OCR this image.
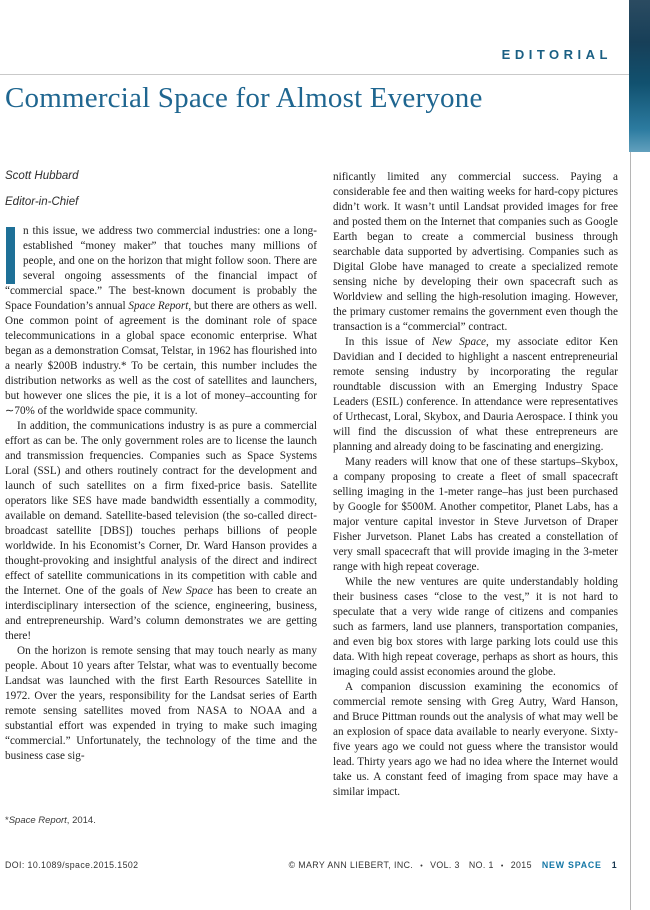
EDITORIAL
Commercial Space for Almost Everyone
Scott Hubbard
Editor-in-Chief

n this issue, we address two commercial industries: one a long-established “money maker” that touches many millions of people, and one on the horizon that might follow soon. There are several ongoing assessments of the financial impact of “commercial space.” The best-known document is probably the Space Foundation’s annual Space Report, but there are others as well. One common point of agreement is the dominant role of space telecommunications in a global space economic enterprise. What began as a demonstration Comsat, Telstar, in 1962 has flourished into a nearly $200B industry.* To be certain, this number includes the distribution networks as well as the cost of satellites and launchers, but however one slices the pie, it is a lot of money–accounting for ∼70% of the worldwide space community.

In addition, the communications industry is as pure a commercial effort as can be. The only government roles are to license the launch and transmission frequencies. Companies such as Space Systems Loral (SSL) and others routinely contract for the development and launch of such satellites on a firm fixed-price basis. Satellite operators like SES have made bandwidth essentially a commodity, available on demand. Satellite-based television (the so-called direct-broadcast satellite [DBS]) touches perhaps billions of people worldwide. In his Economist’s Corner, Dr. Ward Hanson provides a thought-provoking and insightful analysis of the direct and indirect effect of satellite communications in its competition with cable and the Internet. One of the goals of New Space has been to create an interdisciplinary intersection of the science, engineering, business, and entrepreneurship. Ward’s column demonstrates we are getting there!

On the horizon is remote sensing that may touch nearly as many people. About 10 years after Telstar, what was to eventually become Landsat was launched with the first Earth Resources Satellite in 1972. Over the years, responsibility for the Landsat series of Earth remote sensing satellites moved from NASA to NOAA and a substantial effort was expended in trying to make such imaging “commercial.” Unfortunately, the technology of the time and the business case sig-

nificantly limited any commercial success. Paying a considerable fee and then waiting weeks for hard-copy pictures didn’t work. It wasn’t until Landsat provided images for free and posted them on the Internet that companies such as Google Earth began to create a commercial business through searchable data supported by advertising. Companies such as Digital Globe have managed to create a specialized remote sensing niche by developing their own spacecraft such as Worldview and selling the high-resolution imaging. However, the primary customer remains the government even though the transaction is a “commercial” contract.

In this issue of New Space, my associate editor Ken Davidian and I decided to highlight a nascent entrepreneurial remote sensing industry by incorporating the regular roundtable discussion with an Emerging Industry Space Leaders (ESIL) conference. In attendance were representatives of Urthecast, Loral, Skybox, and Dauria Aerospace. I think you will find the discussion of what these entrepreneurs are planning and already doing to be fascinating and energizing.

Many readers will know that one of these startups–Skybox, a company proposing to create a fleet of small spacecraft selling imaging in the 1-meter range–has just been purchased by Google for $500M. Another competitor, Planet Labs, has a major venture capital investor in Steve Jurvetson of Draper Fisher Jurvetson. Planet Labs has created a constellation of very small spacecraft that will provide imaging in the 3-meter range with high repeat coverage.

While the new ventures are quite understandably holding their business cases “close to the vest,” it is not hard to speculate that a very wide range of citizens and companies such as farmers, land use planners, transportation companies, and even big box stores with large parking lots could use this data. With high repeat coverage, perhaps as short as hours, this imaging could assist economies around the globe.

A companion discussion examining the economics of commercial remote sensing with Greg Autry, Ward Hanson, and Bruce Pittman rounds out the analysis of what may well be an explosion of space data available to nearly everyone. Sixty-five years ago we could not guess where the transistor would lead. Thirty years ago we had no idea where the Internet would take us. A constant feed of imaging from space may have a similar impact.

*Space Report, 2014.
DOI: 10.1089/space.2015.1502	© MARY ANN LIEBERT, INC. • VOL. 3 NO. 1 • 2015 NEW SPACE 1
